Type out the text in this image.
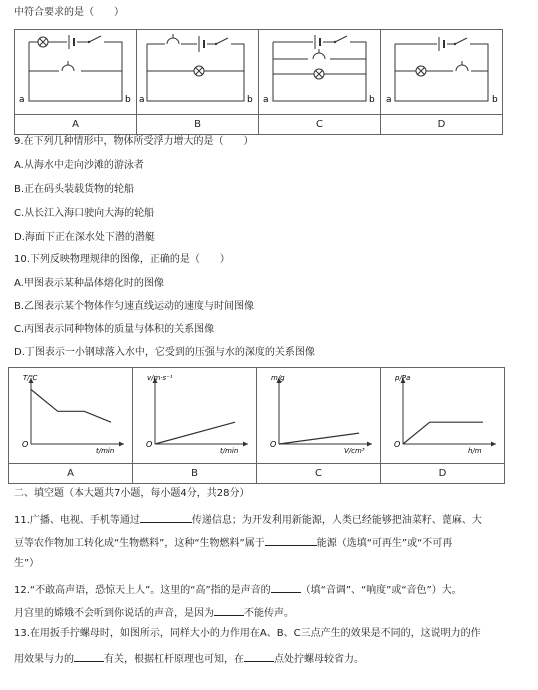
中符合要求的是（　　）
a b	a b	a b	a b

A	B	C	D
9.在下列几种情形中，物体所受浮力增大的是（　　）
A.从海水中走向沙滩的游泳者
B.正在码头装载货物的轮船
C.从长江入海口驶向大海的轮船
D.海面下正在深水处下潜的潜艇
10.下列反映物理规律的图像，正确的是（　　）
A.甲图表示某种晶体熔化时的图像
B.乙图表示某个物体作匀速直线运动的速度与时间图像
C.丙图表示同种物体的质量与体积的关系图像
D.丁图表示一小钢球落入水中，它受到的压强与水的深度的关系图像
T/℃
t/min
O	v/m·s⁻¹
t/min
O	m/g
V/cm³
O	p/Pa
h/m
O

A	B	C	D
二、填空题（本大题共7小题，每小题4分，共28分）
11.广播、电视、手机等通过	传递信息；为开发利用新能源，人类已经能够把油菜籽、蓖麻、大
豆等农作物加工转化成“生物燃料”，这种“生物燃料”属于	能源（选填“可再生”或“不可再
生”）
12.“不敢高声语，恐惊天上人”。这里的“高”指的是声音的	（填“音调”、“响度”或“音色”）大。
月宫里的嫦娥不会听到你说话的声音，是因为	不能传声。
13.在用扳手拧螺母时，如图所示，同样大小的力作用在A、B、C三点产生的效果是不同的，这说明力的作
用效果与力的	有关，根据杠杆原理也可知，在	点处拧螺母较省力。
